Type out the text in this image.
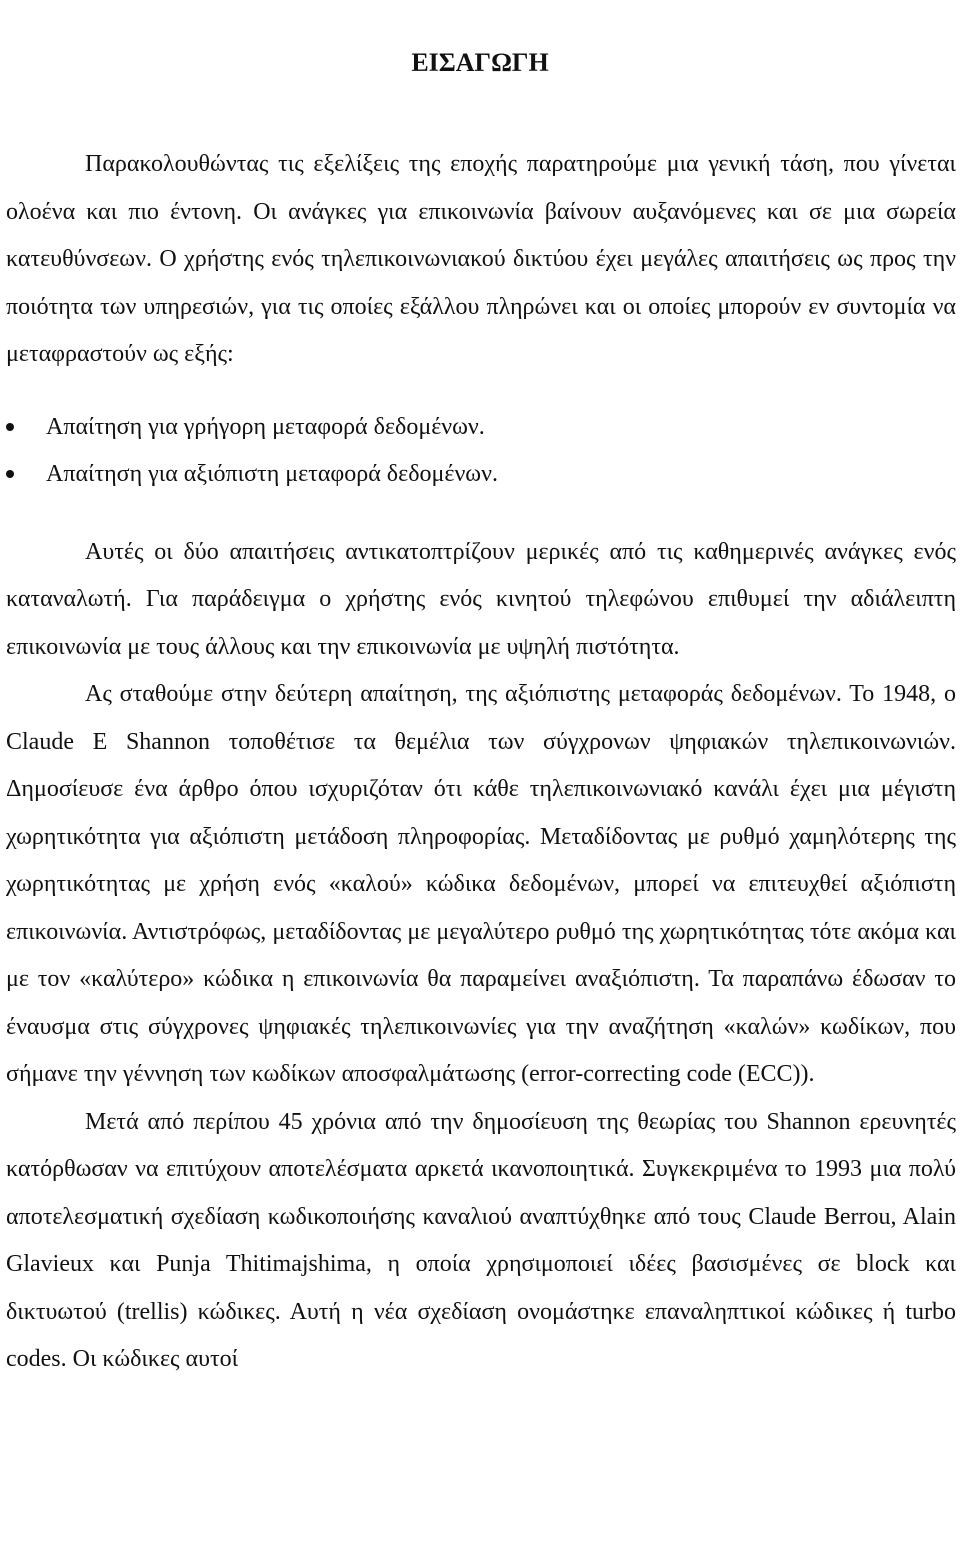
ΕΙΣΑΓΩΓΗ

Παρακολουθώντας τις εξελίξεις της εποχής παρατηρούμε μια γενική τάση, που γίνεται ολοένα και πιο έντονη. Οι ανάγκες για επικοινωνία βαίνουν αυξανόμενες και σε μια σωρεία κατευθύνσεων. Ο χρήστης ενός τηλεπικοινωνιακού δικτύου έχει μεγάλες απαιτήσεις ως προς την ποιότητα των υπηρεσιών, για τις οποίες εξάλλου πληρώνει και οι οποίες μπορούν εν συντομία να μεταφραστούν ως εξής:

Απαίτηση για γρήγορη μεταφορά δεδομένων.
Απαίτηση για αξιόπιστη μεταφορά δεδομένων.

Αυτές οι δύο απαιτήσεις αντικατοπτρίζουν μερικές από τις καθημερινές ανάγκες ενός καταναλωτή. Για παράδειγμα ο χρήστης ενός κινητού τηλεφώνου επιθυμεί την αδιάλειπτη επικοινωνία με τους άλλους και την επικοινωνία με υψηλή πιστότητα.

Ας σταθούμε στην δεύτερη απαίτηση, της αξιόπιστης μεταφοράς δεδομένων. Το 1948, ο Claude E Shannon τοποθέτισε τα θεμέλια των σύγχρονων ψηφιακών τηλεπικοινωνιών. Δημοσίευσε ένα άρθρο όπου ισχυριζόταν ότι κάθε τηλεπικοινωνιακό κανάλι έχει μια μέγιστη χωρητικότητα για αξιόπιστη μετάδοση πληροφορίας. Μεταδίδοντας με ρυθμό χαμηλότερης της χωρητικότητας με χρήση ενός «καλού» κώδικα δεδομένων, μπορεί να επιτευχθεί αξιόπιστη επικοινωνία. Αντιστρόφως, μεταδίδοντας με μεγαλύτερο ρυθμό της χωρητικότητας τότε ακόμα και με τον «καλύτερο» κώδικα η επικοινωνία θα παραμείνει αναξιόπιστη. Τα παραπάνω έδωσαν το έναυσμα στις σύγχρονες ψηφιακές τηλεπικοινωνίες για την αναζήτηση «καλών» κωδίκων, που σήμανε την γέννηση των κωδίκων αποσφαλμάτωσης (error-correcting code (ECC)).

Μετά από περίπου 45 χρόνια από την δημοσίευση της θεωρίας του Shannon ερευνητές κατόρθωσαν να επιτύχουν αποτελέσματα αρκετά ικανοποιητικά. Συγκεκριμένα το 1993 μια πολύ αποτελεσματική σχεδίαση κωδικοποιήσης καναλιού αναπτύχθηκε από τους Claude Berrou, Alain Glavieux και Punja Thitimajshima, η οποία χρησιμοποιεί ιδέες βασισμένες σε block και δικτυωτού (trellis) κώδικες. Αυτή η νέα σχεδίαση ονομάστηκε επαναληπτικοί κώδικες ή turbo codes. Οι κώδικες αυτοί
